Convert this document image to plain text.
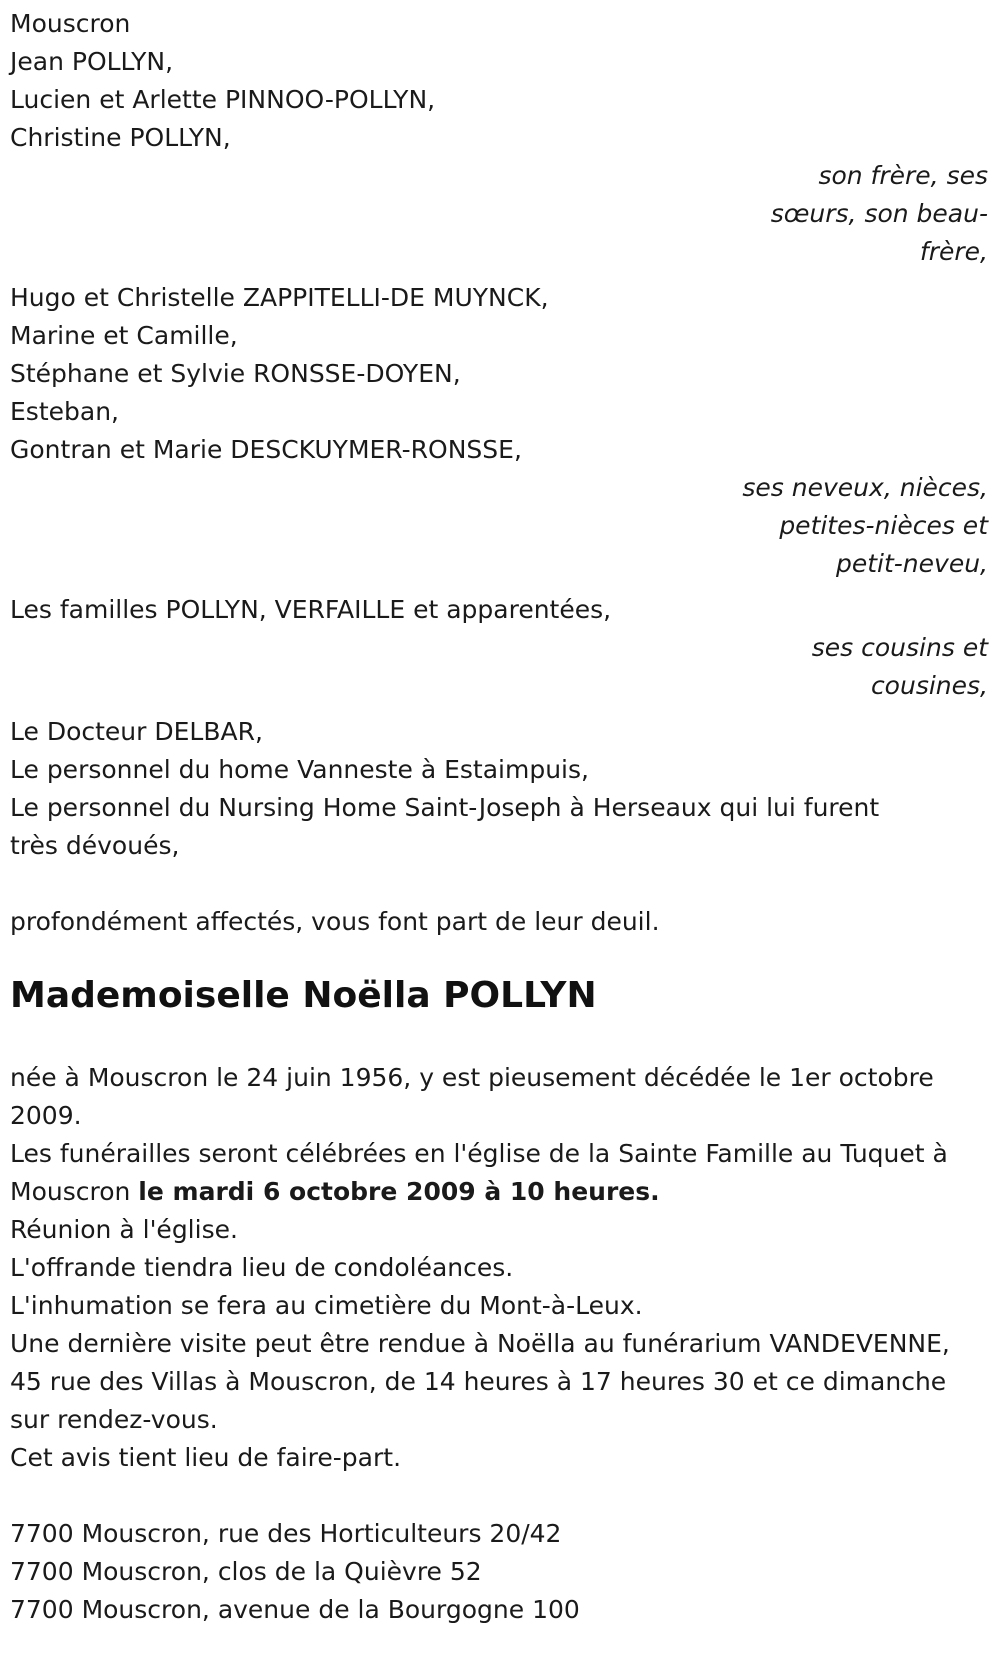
Mouscron
Jean POLLYN,
Lucien et Arlette PINNOO-POLLYN,
Christine POLLYN,
son frère, ses sœurs, son beau-frère,
Hugo et Christelle ZAPPITELLI-DE MUYNCK,
Marine et Camille,
Stéphane et Sylvie RONSSE-DOYEN,
Esteban,
Gontran et Marie DESCKUYMER-RONSSE,
ses neveux, nièces, petites-nièces et petit-neveu,
Les familles POLLYN, VERFAILLE et apparentées,
ses cousins et cousines,
Le Docteur DELBAR,
Le personnel du home Vanneste à Estaimpuis,
Le personnel du Nursing Home Saint-Joseph à Herseaux qui lui furent très dévoués,
profondément affectés, vous font part de leur deuil.
Mademoiselle Noëlla POLLYN
née à Mouscron le 24 juin 1956, y est pieusement décédée le 1er octobre 2009.
Les funérailles seront célébrées en l'église de la Sainte Famille au Tuquet à Mouscron le mardi 6 octobre 2009 à 10 heures.
Réunion à l'église.
L'offrande tiendra lieu de condoléances.
L'inhumation se fera au cimetière du Mont-à-Leux.
Une dernière visite peut être rendue à Noëlla au funérarium VANDEVENNE, 45 rue des Villas à Mouscron, de 14 heures à 17 heures 30 et ce dimanche sur rendez-vous.
Cet avis tient lieu de faire-part.
7700 Mouscron, rue des Horticulteurs 20/42
7700 Mouscron, clos de la Quièvre 52
7700 Mouscron, avenue de la Bourgogne 100
